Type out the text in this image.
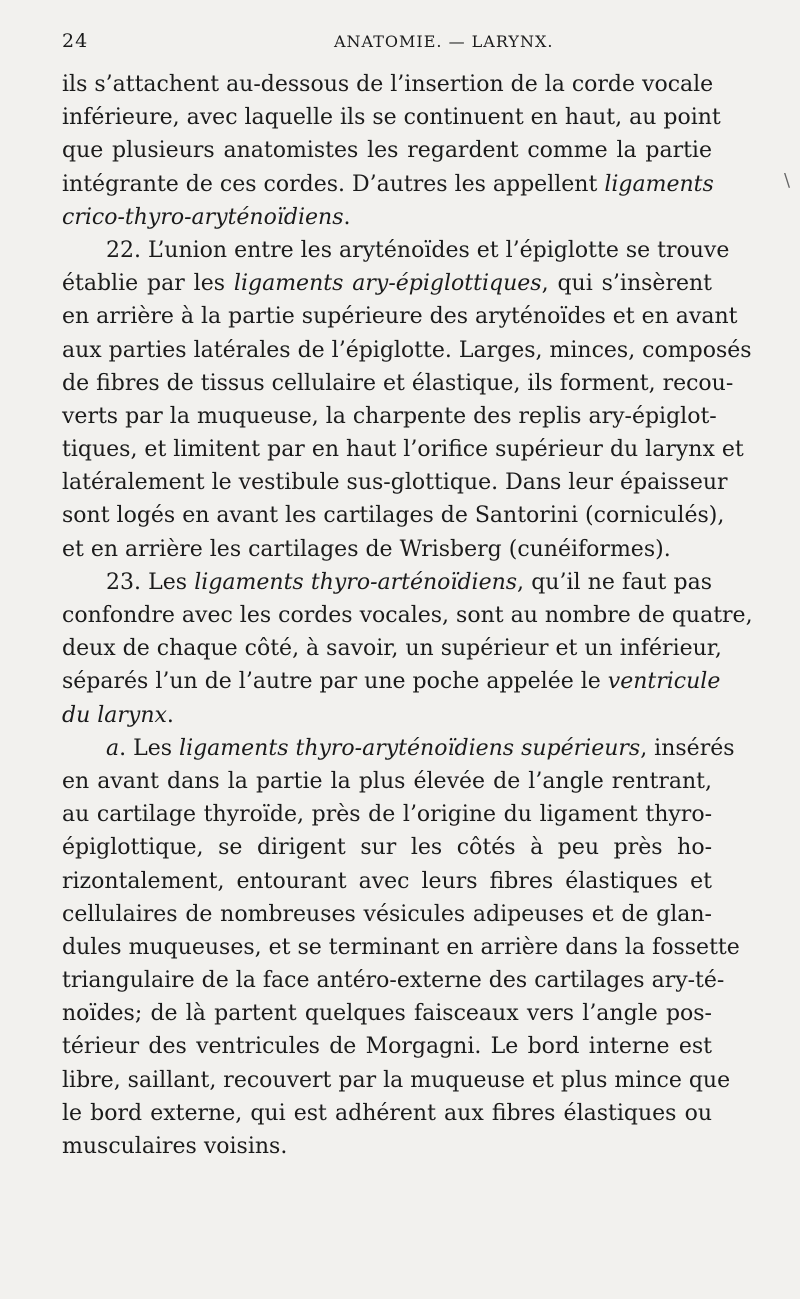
24	ANATOMIE. — LARYNX.
ils s’attachent au-dessous de l’insertion de la corde vocale
inférieure, avec laquelle ils se continuent en haut, au point
que plusieurs anatomistes les regardent comme la partie
intégrante de ces cordes. D’autres les appellent ligaments
crico-thyro-aryténoïdiens.
22. L’union entre les aryténoïdes et l’épiglotte se trouve
établie par les ligaments ary-épiglottiques, qui s’insèrent
en arrière à la partie supérieure des aryténoïdes et en avant
aux parties latérales de l’épiglotte. Larges, minces, composés
de fibres de tissus cellulaire et élastique, ils forment, recou-
verts par la muqueuse, la charpente des replis ary-épiglot-
tiques, et limitent par en haut l’orifice supérieur du larynx et
latéralement le vestibule sus-glottique. Dans leur épaisseur
sont logés en avant les cartilages de Santorini (corniculés),
et en arrière les cartilages de Wrisberg (cunéiformes).
23. Les ligaments thyro-arténoïdiens, qu’il ne faut pas
confondre avec les cordes vocales, sont au nombre de quatre,
deux de chaque côté, à savoir, un supérieur et un inférieur,
séparés l’un de l’autre par une poche appelée le ventricule
du larynx.
a. Les ligaments thyro-aryténoïdiens supérieurs, insérés
en avant dans la partie la plus élevée de l’angle rentrant,
au cartilage thyroïde, près de l’origine du ligament thyro-
épiglottique, se dirigent sur les côtés à peu près ho-
rizontalement, entourant avec leurs fibres élastiques et
cellulaires de nombreuses vésicules adipeuses et de glan-
dules muqueuses, et se terminant en arrière dans la fossette
triangulaire de la face antéro-externe des cartilages ary-té-
noïdes; de là partent quelques faisceaux vers l’angle pos-
térieur des ventricules de Morgagni. Le bord interne est
libre, saillant, recouvert par la muqueuse et plus mince que
le bord externe, qui est adhérent aux fibres élastiques ou
musculaires voisins.
\
